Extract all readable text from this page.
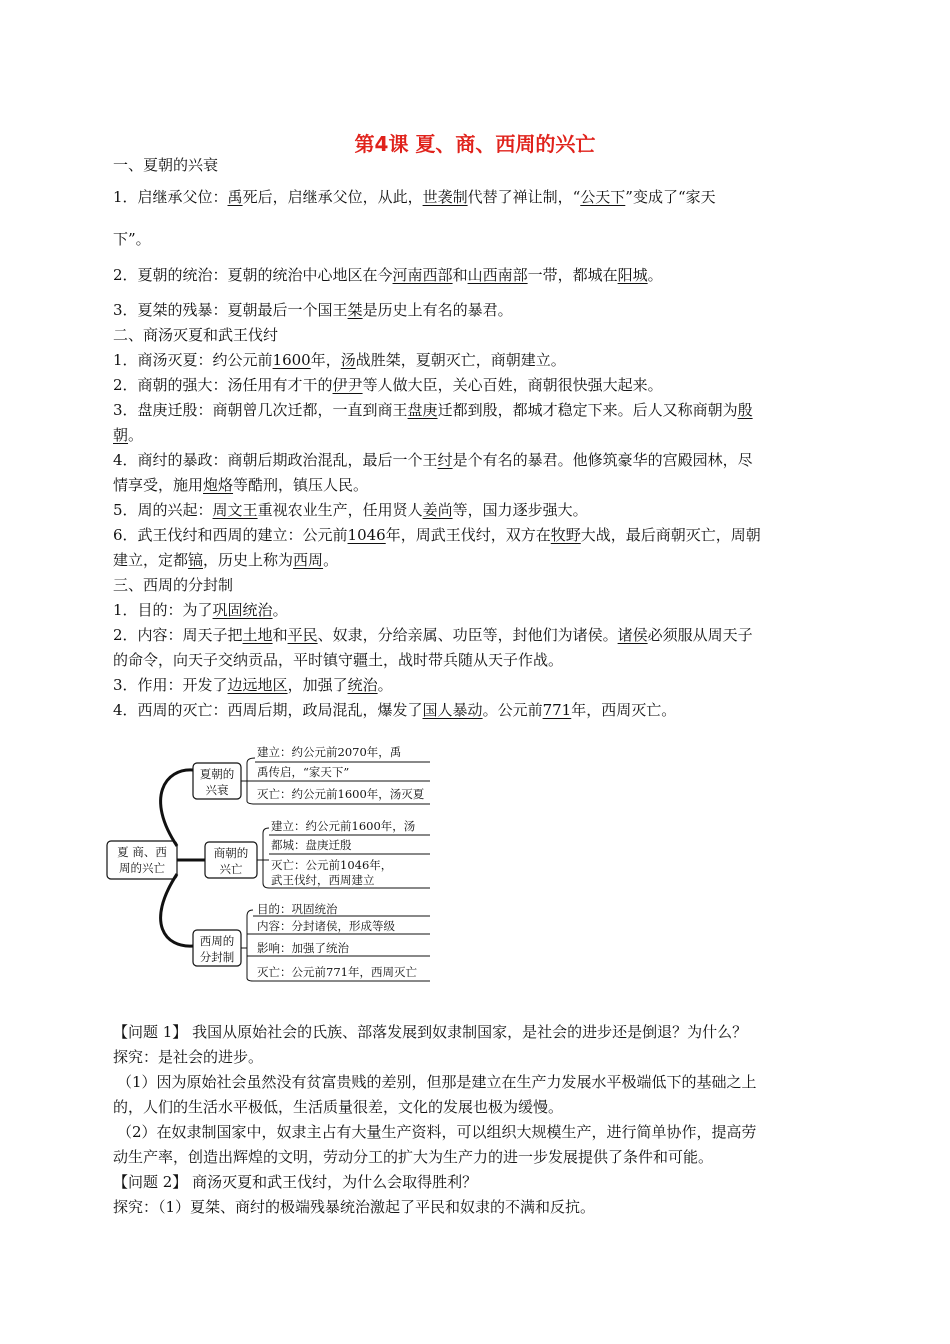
第4课 夏、商、西周的兴亡
一、夏朝的兴衰
1．启继承父位：禹死后，启继承父位，从此，世袭制代替了禅让制，“公天下”变成了“家天
下”。
2．夏朝的统治：夏朝的统治中心地区在今河南西部和山西南部一带，都城在阳城。
3．夏桀的残暴：夏朝最后一个国王桀是历史上有名的暴君。
二、商汤灭夏和武王伐纣
1．商汤灭夏：约公元前1600年，汤战胜桀，夏朝灭亡，商朝建立。
2．商朝的强大：汤任用有才干的伊尹等人做大臣，关心百姓，商朝很快强大起来。
3．盘庚迁殷：商朝曾几次迁都，一直到商王盘庚迁都到殷，都城才稳定下来。后人又称商朝为殷
朝。
4．商纣的暴政：商朝后期政治混乱，最后一个王纣是个有名的暴君。他修筑豪华的宫殿园林，尽
情享受，施用炮烙等酷刑，镇压人民。
5．周的兴起：周文王重视农业生产，任用贤人姜尚等，国力逐步强大。
6．武王伐纣和西周的建立：公元前1046年，周武王伐纣，双方在牧野大战，最后商朝灭亡，周朝
建立，定都镐，历史上称为西周。
三、西周的分封制
1．目的：为了巩固统治。
2．内容：周天子把土地和平民、奴隶，分给亲属、功臣等，封他们为诸侯。诸侯必须服从周天子
的命令，向天子交纳贡品，平时镇守疆土，战时带兵随从天子作战。
3．作用：开发了边远地区，加强了统治。
4．西周的灭亡：西周后期，政局混乱，爆发了国人暴动。公元前771年，西周灭亡。
夏 商、西
周的兴亡
夏朝的
兴衰
建立：约公元前2070年，禹
禹传启，“家天下”
灭亡：约公元前1600年，汤灭夏
商朝的
兴亡
建立：约公元前1600年，汤
都城：盘庚迁殷
灭亡：公元前1046年，
武王伐纣，西周建立
西周的
分封制
目的：巩固统治
内容：分封诸侯，形成等级
影响：加强了统治
灭亡：公元前771年，西周灭亡
【问题 1】 我国从原始社会的氏族、部落发展到奴隶制国家，是社会的进步还是倒退？为什么？
探究：是社会的进步。
（1）因为原始社会虽然没有贫富贵贱的差别，但那是建立在生产力发展水平极端低下的基础之上
的，人们的生活水平极低，生活质量很差，文化的发展也极为缓慢。
（2）在奴隶制国家中，奴隶主占有大量生产资料，可以组织大规模生产，进行简单协作，提高劳
动生产率，创造出辉煌的文明，劳动分工的扩大为生产力的进一步发展提供了条件和可能。
【问题 2】 商汤灭夏和武王伐纣，为什么会取得胜利？
探究：（1）夏桀、商纣的极端残暴统治激起了平民和奴隶的不满和反抗。
